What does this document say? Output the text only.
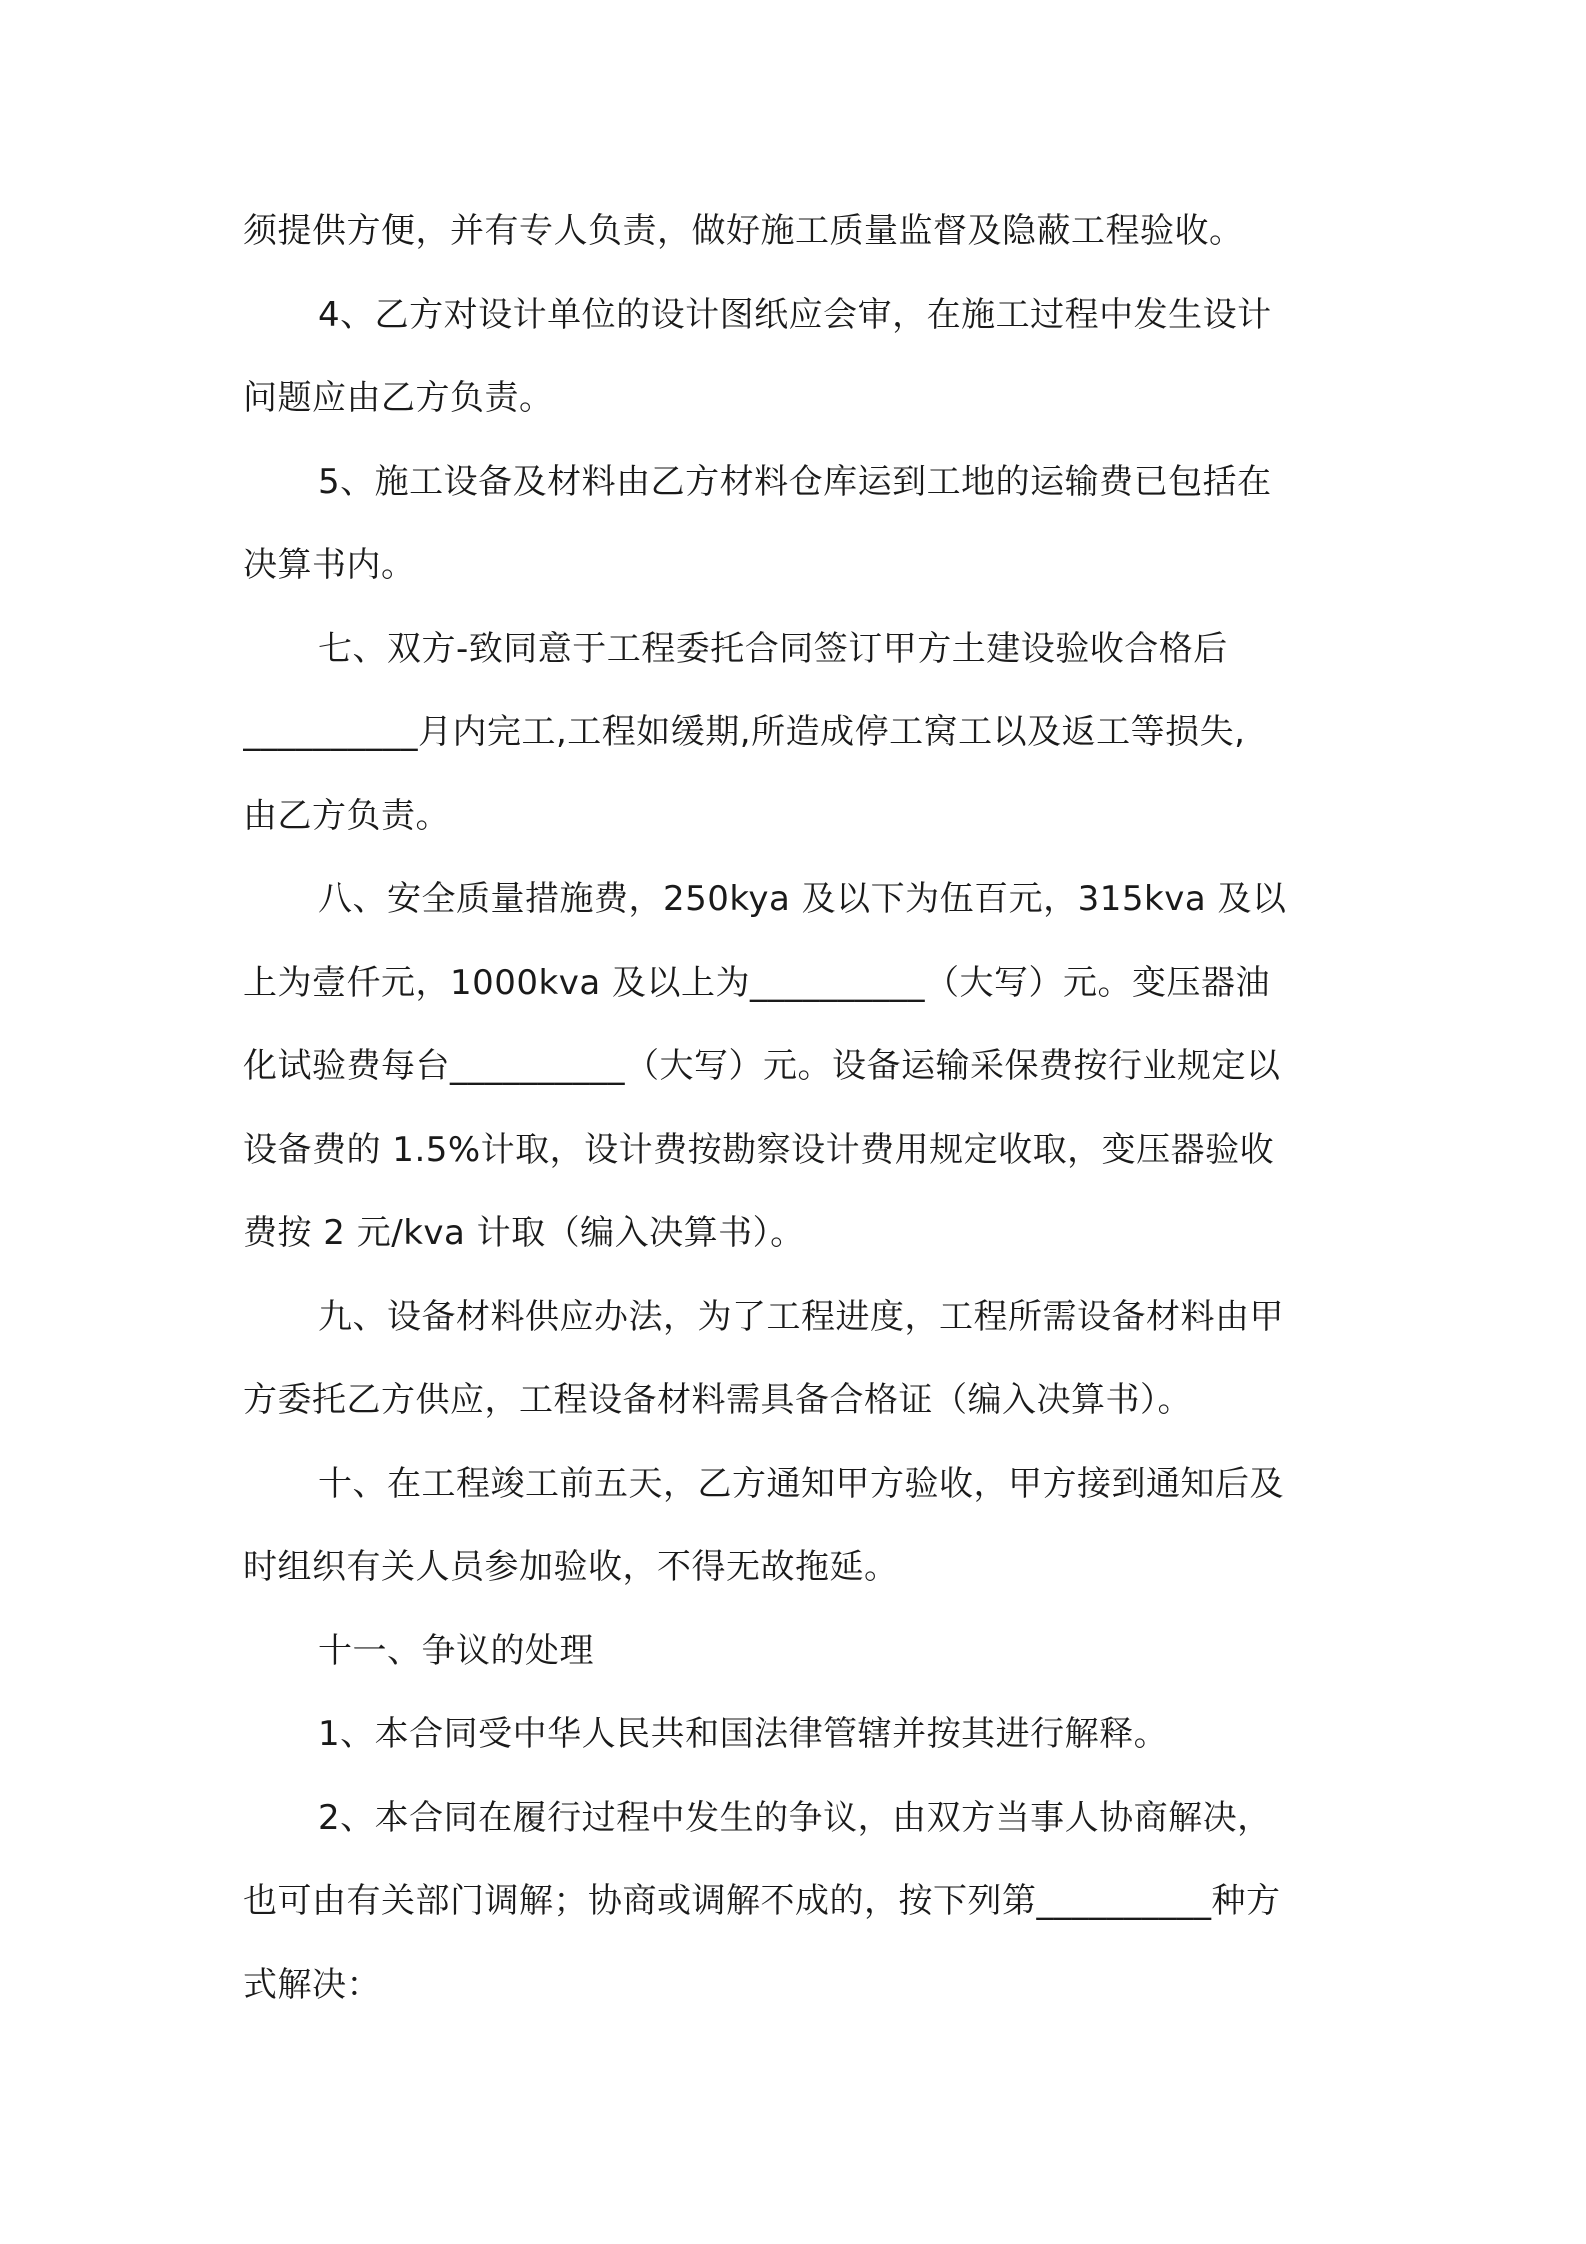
须提供方便，并有专人负责，做好施工质量监督及隐蔽工程验收。
4、乙方对设计单位的设计图纸应会审，在施工过程中发生设计
问题应由乙方负责。
5、施工设备及材料由乙方材料仓库运到工地的运输费已包括在
决算书内。
七、双方-致同意于工程委托合同签订甲方土建设验收合格后
__________月内完工,工程如缓期,所造成停工窝工以及返工等损失,
由乙方负责。
八、安全质量措施费，250kya 及以下为伍百元，315kva 及以
上为壹仟元，1000kva 及以上为__________（大写）元。变压器油
化试验费每台__________（大写）元。设备运输采保费按行业规定以
设备费的 1.5%计取，设计费按勘察设计费用规定收取，变压器验收
费按 2 元/kva 计取（编入决算书）。
九、设备材料供应办法，为了工程进度，工程所需设备材料由甲
方委托乙方供应，工程设备材料需具备合格证（编入决算书）。
十、在工程竣工前五天，乙方通知甲方验收，甲方接到通知后及
时组织有关人员参加验收，不得无故拖延。
十一、争议的处理
1、本合同受中华人民共和国法律管辖并按其进行解释。
2、本合同在履行过程中发生的争议，由双方当事人协商解决，
也可由有关部门调解；协商或调解不成的，按下列第__________种方
式解决：
